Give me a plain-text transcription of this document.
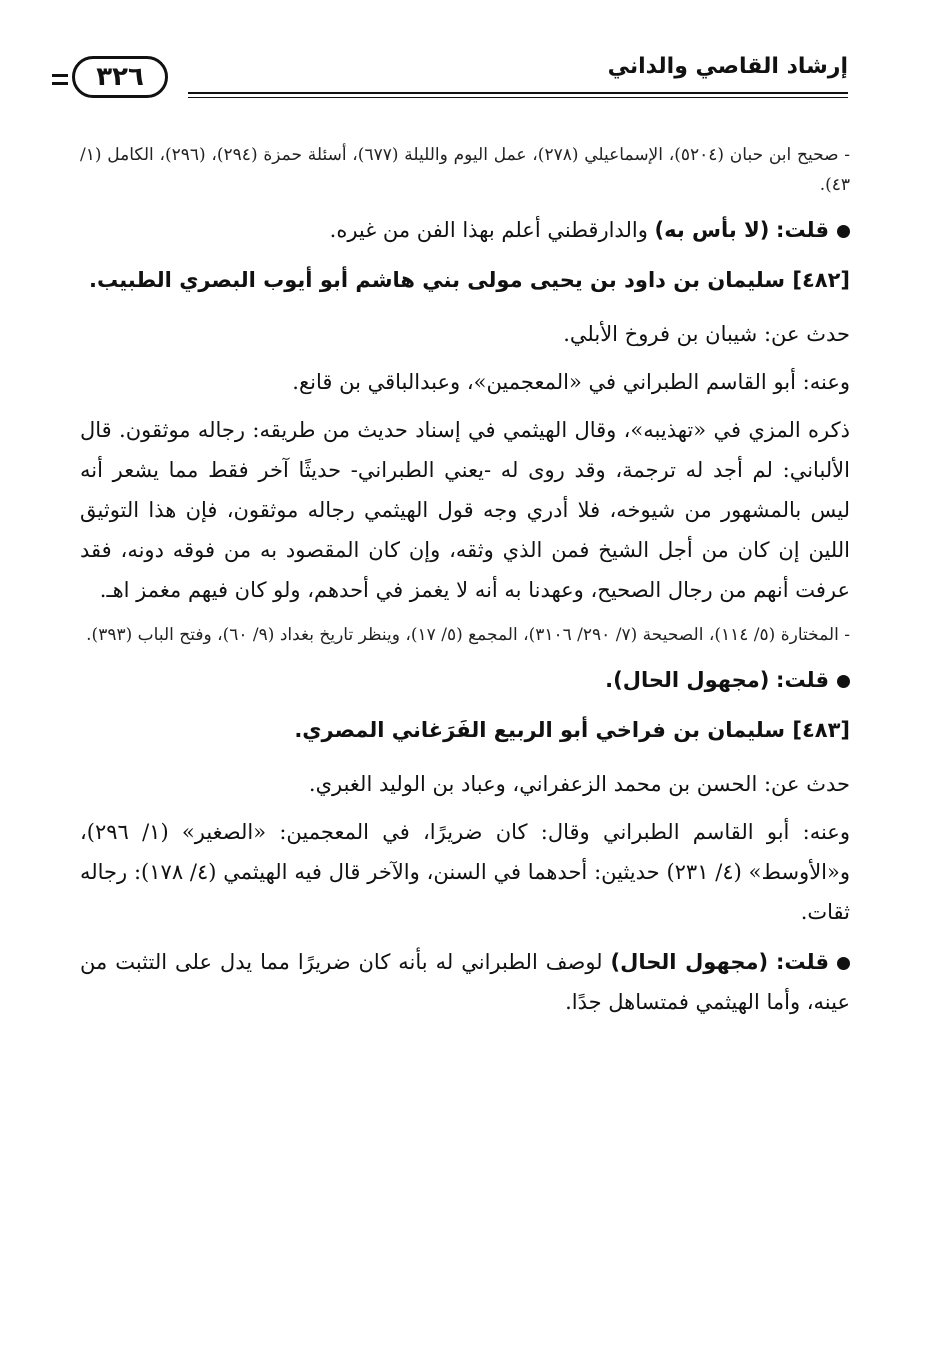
إرشاد القاصي والداني
٣٢٦
- صحيح ابن حبان (٥٢٠٤)، الإسماعيلي (٢٧٨)، عمل اليوم والليلة (٦٧٧)، أسئلة حمزة (٢٩٤)، (٢٩٦)، الكامل (١/ ٤٣).
قلت: (لا بأس به) والدارقطني أعلم بهذا الفن من غيره.
[٤٨٢] سليمان بن داود بن يحيى مولى بني هاشم أبو أيوب البصري الطبيب.
حدث عن: شيبان بن فروخ الأبلي.
وعنه: أبو القاسم الطبراني في «المعجمين»، وعبدالباقي بن قانع.
ذكره المزي في «تهذيبه»، وقال الهيثمي في إسناد حديث من طريقه: رجاله موثقون. قال الألباني: لم أجد له ترجمة، وقد روى له -يعني الطبراني- حديثًا آخر فقط مما يشعر أنه ليس بالمشهور من شيوخه، فلا أدري وجه قول الهيثمي رجاله موثقون، فإن هذا التوثيق اللين إن كان من أجل الشيخ فمن الذي وثقه، وإن كان المقصود به من فوقه دونه، فقد عرفت أنهم من رجال الصحيح، وعهدنا به أنه لا يغمز في أحدهم، ولو كان فيهم مغمز اهـ.
- المختارة (٥/ ١١٤)، الصحيحة (٧/ ٢٩٠/ ٣١٠٦)، المجمع (٥/ ١٧)، وينظر تاريخ بغداد (٩/ ٦٠)، وفتح الباب (٣٩٣).
قلت: (مجهول الحال).
[٤٨٣] سليمان بن فراخي أبو الربيع الفَرَغاني المصري.
حدث عن: الحسن بن محمد الزعفراني، وعباد بن الوليد الغبري.
وعنه: أبو القاسم الطبراني وقال: كان ضريرًا، في المعجمين: «الصغير» (١/ ٢٩٦)، و«الأوسط» (٤/ ٢٣١) حديثين: أحدهما في السنن، والآخر قال فيه الهيثمي (٤/ ١٧٨): رجاله ثقات.
قلت: (مجهول الحال) لوصف الطبراني له بأنه كان ضريرًا مما يدل على التثبت من عينه، وأما الهيثمي فمتساهل جدًا.
